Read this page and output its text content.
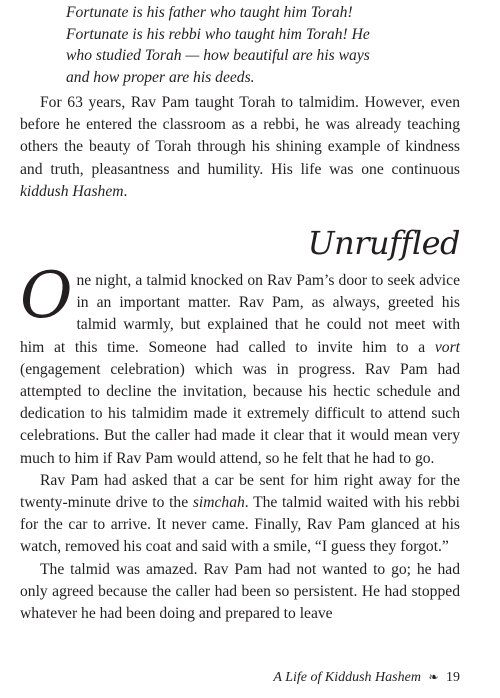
Fortunate is his father who taught him Torah!
Fortunate is his rebbi who taught him Torah! He
who studied Torah — how beautiful are his ways
and how proper are his deeds.

For 63 years, Rav Pam taught Torah to talmidim. However, even before he entered the classroom as a rebbi, he was already teaching others the beauty of Torah through his shining example of kindness and truth, pleasantness and humility. His life was one continuous kiddush Hashem.

Unruffled

One night, a talmid knocked on Rav Pam’s door to seek advice in an important matter. Rav Pam, as always, greeted his talmid warmly, but explained that he could not meet with him at this time. Someone had called to invite him to a vort (engagement celebration) which was in progress. Rav Pam had attempted to decline the invitation, because his hectic schedule and dedication to his talmidim made it extremely difficult to attend such celebrations. But the caller had made it clear that it would mean very much to him if Rav Pam would attend, so he felt that he had to go.

Rav Pam had asked that a car be sent for him right away for the twenty-minute drive to the simchah. The talmid waited with his rebbi for the car to arrive. It never came. Finally, Rav Pam glanced at his watch, removed his coat and said with a smile, “I guess they forgot.”

The talmid was amazed. Rav Pam had not wanted to go; he had only agreed because the caller had been so persistent. He had stopped whatever he had been doing and prepared to leave

A Life of Kiddush Hashem ❧ 19
